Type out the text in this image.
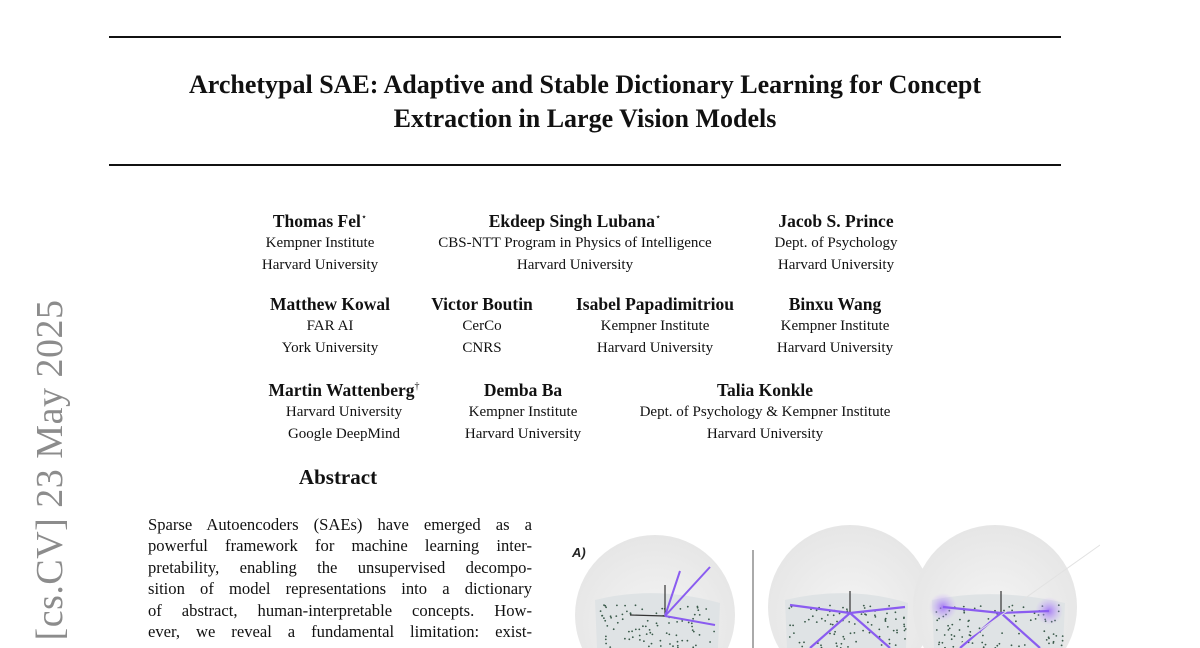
Archetypal SAE: Adaptive and Stable Dictionary Learning for Concept
Extraction in Large Vision Models
[cs.CV] 23 May 2025
Thomas Fel⋆
Kempner Institute
Harvard University
Ekdeep Singh Lubana⋆
CBS-NTT Program in Physics of Intelligence
Harvard University
Jacob S. Prince
Dept. of Psychology
Harvard University
Matthew Kowal
FAR AI
York University
Victor Boutin
CerCo
CNRS
Isabel Papadimitriou
Kempner Institute
Harvard University
Binxu Wang
Kempner Institute
Harvard University
Martin Wattenberg†
Harvard University
Google DeepMind
Demba Ba
Kempner Institute
Harvard University
Talia Konkle
Dept. of Psychology & Kempner Institute
Harvard University
Abstract
Sparse Autoencoders (SAEs) have emerged as a
powerful framework for machine learning inter-
pretability, enabling the unsupervised decompo-
sition of model representations into a dictionary
of abstract, human-interpretable concepts. How-
ever, we reveal a fundamental limitation: exist-
A)
